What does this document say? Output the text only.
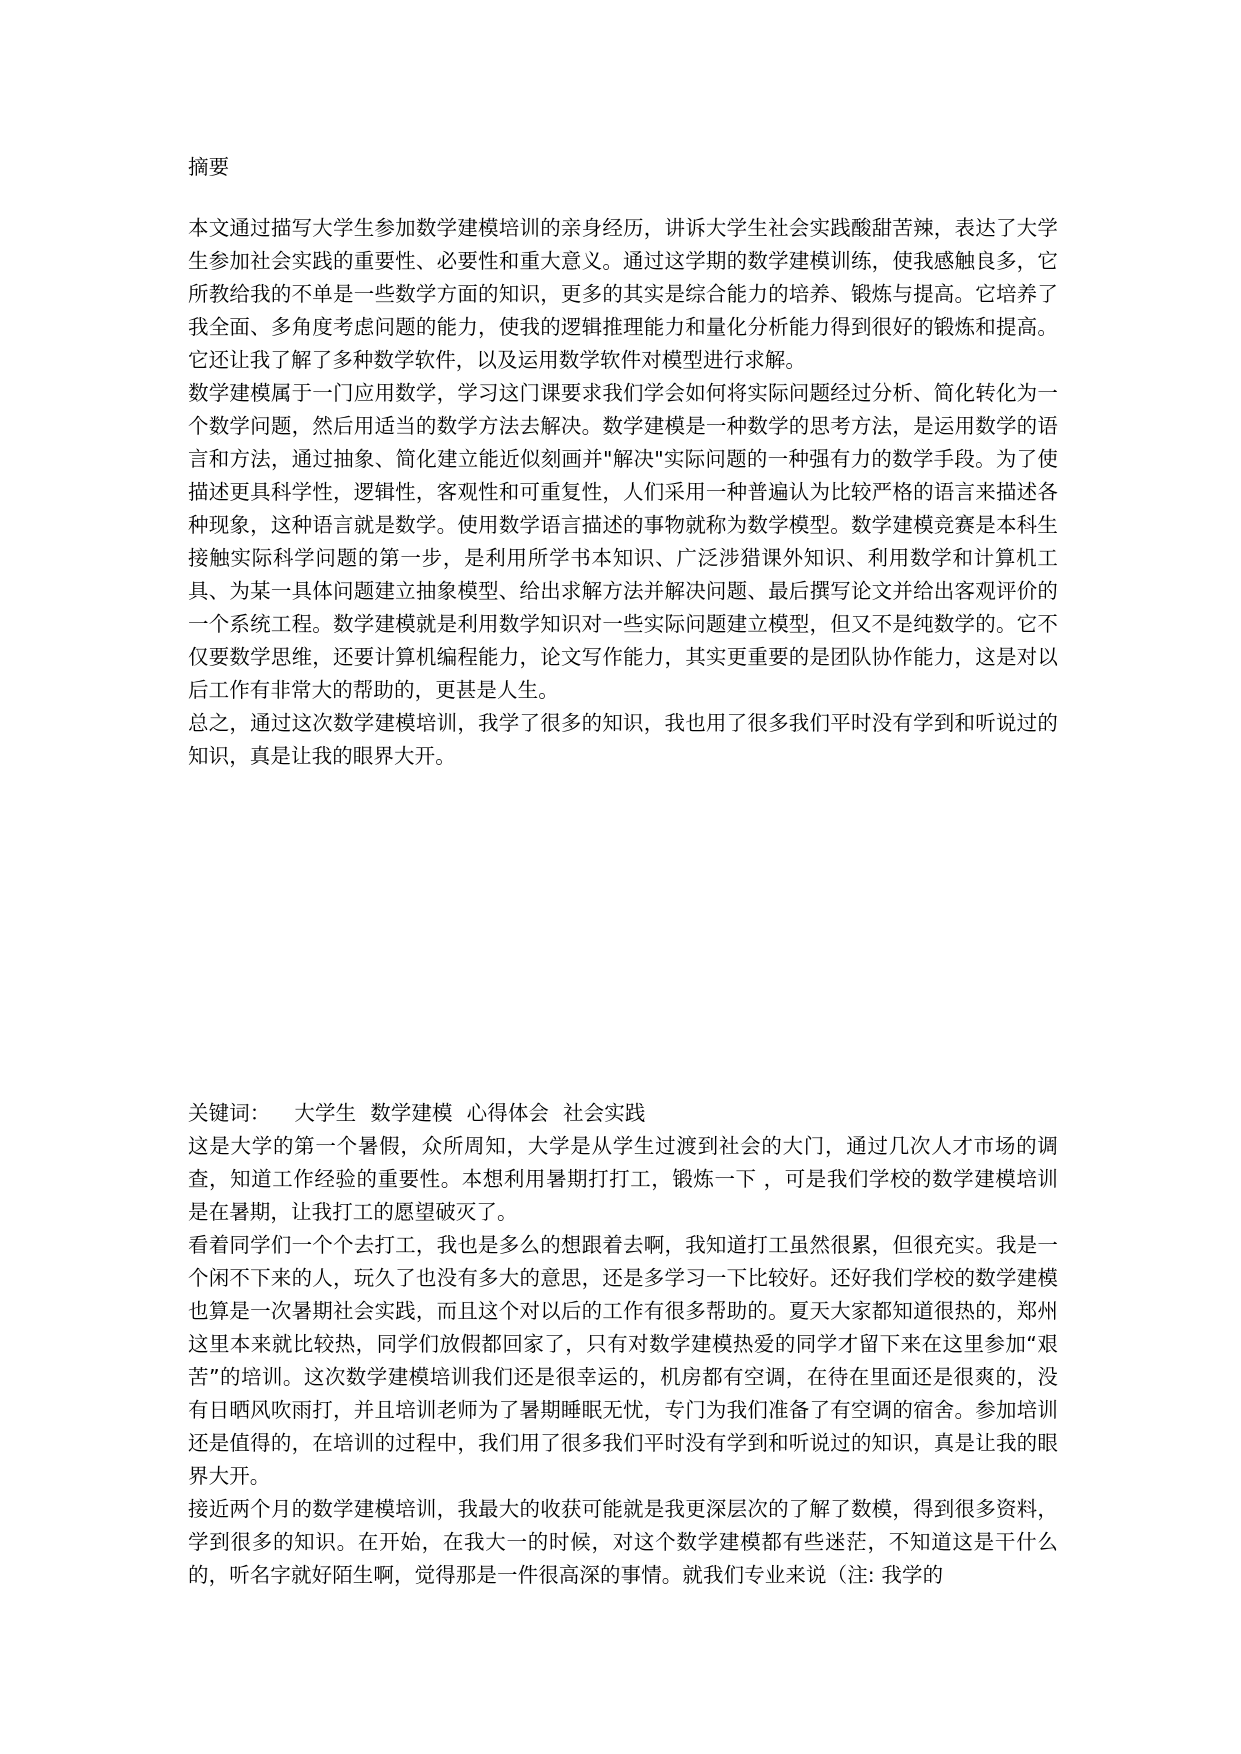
摘要

本文通过描写大学生参加数学建模培训的亲身经历，讲诉大学生社会实践酸甜苦辣，表达了大学生参加社会实践的重要性、必要性和重大意义。通过这学期的数学建模训练，使我感触良多，它所教给我的不单是一些数学方面的知识，更多的其实是综合能力的培养、锻炼与提高。它培养了我全面、多角度考虑问题的能力，使我的逻辑推理能力和量化分析能力得到很好的锻炼和提高。它还让我了解了多种数学软件，以及运用数学软件对模型进行求解。

数学建模属于一门应用数学，学习这门课要求我们学会如何将实际问题经过分析、简化转化为一个数学问题，然后用适当的数学方法去解决。数学建模是一种数学的思考方法，是运用数学的语言和方法，通过抽象、简化建立能近似刻画并"解决"实际问题的一种强有力的数学手段。为了使描述更具科学性，逻辑性，客观性和可重复性，人们采用一种普遍认为比较严格的语言来描述各种现象，这种语言就是数学。使用数学语言描述的事物就称为数学模型。数学建模竞赛是本科生接触实际科学问题的第一步，是利用所学书本知识、广泛涉猎课外知识、利用数学和计算机工具、为某一具体问题建立抽象模型、给出求解方法并解决问题、最后撰写论文并给出客观评价的一个系统工程。数学建模就是利用数学知识对一些实际问题建立模型，但又不是纯数学的。它不仅要数学思维，还要计算机编程能力，论文写作能力，其实更重要的是团队协作能力，这是对以后工作有非常大的帮助的，更甚是人生。

总之，通过这次数学建模培训，我学了很多的知识，我也用了很多我们平时没有学到和听说过的知识，真是让我的眼界大开。

关键词： 大学生 数学建模 心得体会 社会实践

这是大学的第一个暑假，众所周知，大学是从学生过渡到社会的大门，通过几次人才市场的调查，知道工作经验的重要性。本想利用暑期打打工，锻炼一下 ，可是我们学校的数学建模培训是在暑期，让我打工的愿望破灭了。

看着同学们一个个去打工，我也是多么的想跟着去啊，我知道打工虽然很累，但很充实。我是一个闲不下来的人，玩久了也没有多大的意思，还是多学习一下比较好。还好我们学校的数学建模也算是一次暑期社会实践，而且这个对以后的工作有很多帮助的。夏天大家都知道很热的，郑州这里本来就比较热，同学们放假都回家了，只有对数学建模热爱的同学才留下来在这里参加“艰苦”的培训。这次数学建模培训我们还是很幸运的，机房都有空调，在待在里面还是很爽的，没有日晒风吹雨打，并且培训老师为了暑期睡眠无忧，专门为我们准备了有空调的宿舍。参加培训还是值得的，在培训的过程中，我们用了很多我们平时没有学到和听说过的知识，真是让我的眼界大开。

接近两个月的数学建模培训，我最大的收获可能就是我更深层次的了解了数模，得到很多资料，学到很多的知识。在开始，在我大一的时候，对这个数学建模都有些迷茫，不知道这是干什么的，听名字就好陌生啊，觉得那是一件很高深的事情。就我们专业来说（注: 我学的
